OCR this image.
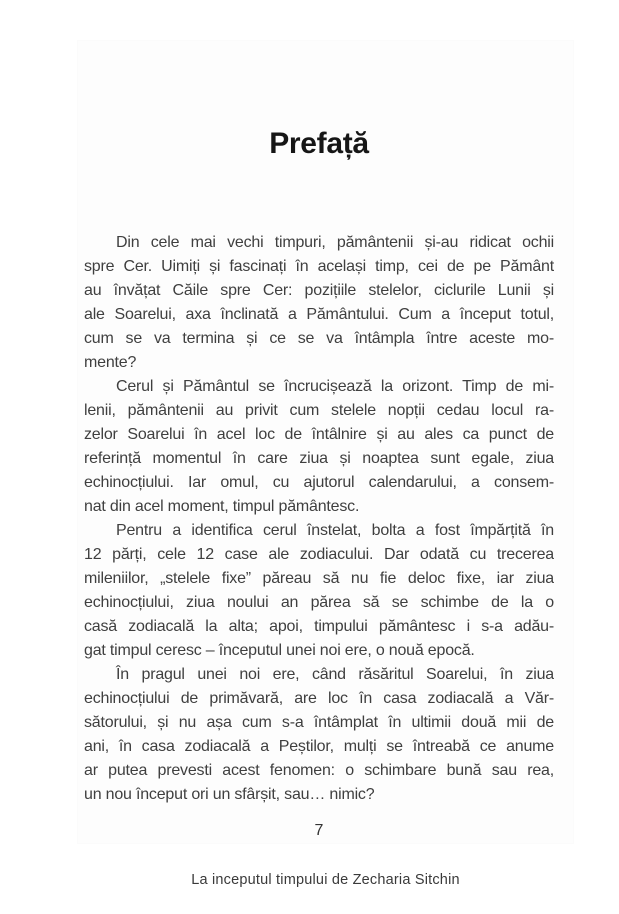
Prefață

Din cele mai vechi timpuri, pământenii și-au ridicat ochii
spre Cer. Uimiți și fascinați în același timp, cei de pe Pământ
au învățat Căile spre Cer: pozițiile stelelor, ciclurile Lunii și
ale Soarelui, axa înclinată a Pământului. Cum a început totul,
cum se va termina și ce se va întâmpla între aceste mo-
mente?

Cerul și Pământul se încrucișează la orizont. Timp de mi-
lenii, pământenii au privit cum stelele nopții cedau locul ra-
zelor Soarelui în acel loc de întâlnire și au ales ca punct de
referință momentul în care ziua și noaptea sunt egale, ziua
echinocțiului. Iar omul, cu ajutorul calendarului, a consem-
nat din acel moment, timpul pământesc.

Pentru a identifica cerul înstelat, bolta a fost împărțită în
12 părți, cele 12 case ale zodiacului. Dar odată cu trecerea
mileniilor, „stelele fixe” păreau să nu fie deloc fixe, iar ziua
echinocțiului, ziua noului an părea să se schimbe de la o
casă zodiacală la alta; apoi, timpului pământesc i s-a adău-
gat timpul ceresc – începutul unei noi ere, o nouă epocă.

În pragul unei noi ere, când răsăritul Soarelui, în ziua
echinocțiului de primăvară, are loc în casa zodiacală a Văr-
sătorului, și nu așa cum s-a întâmplat în ultimii două mii de
ani, în casa zodiacală a Peștilor, mulți se întreabă ce anume
ar putea prevesti acest fenomen: o schimbare bună sau rea,
un nou început ori un sfârșit, sau… nimic?

7
La inceputul timpului de Zecharia Sitchin
